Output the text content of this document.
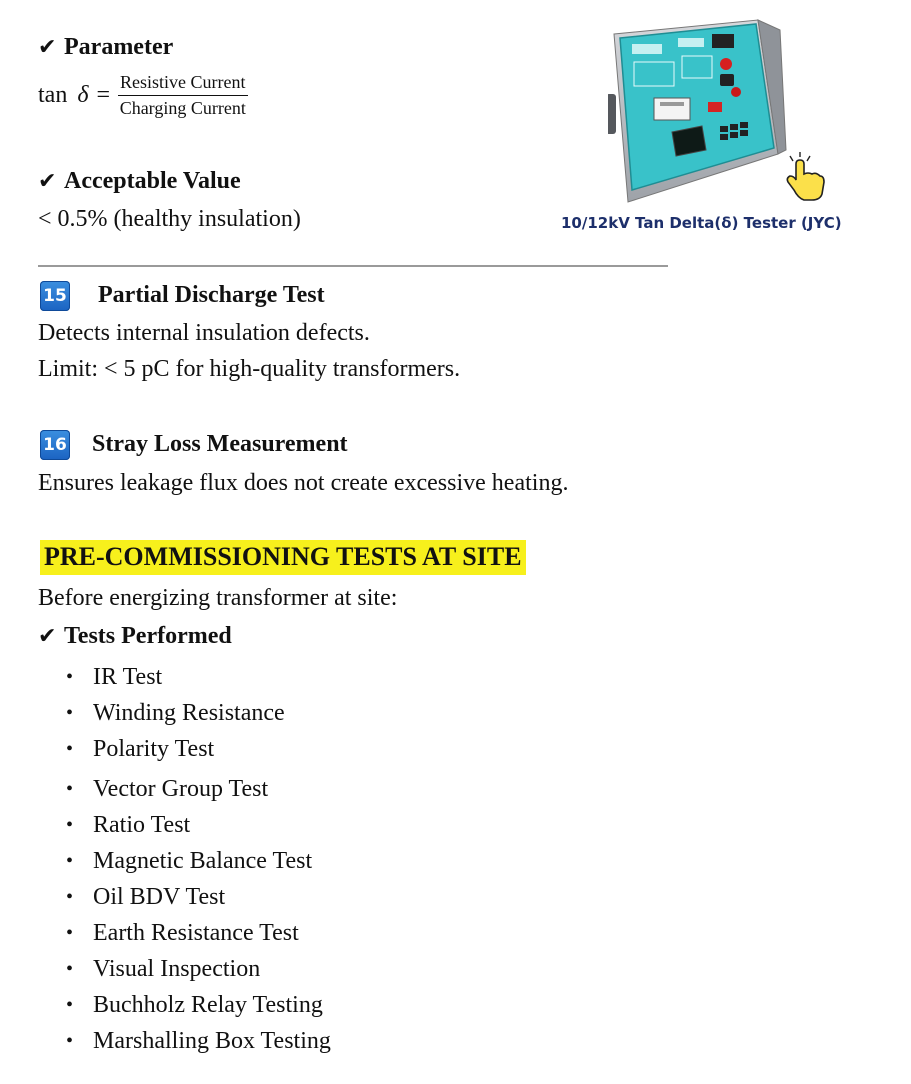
✔ Parameter
$\tan \delta = \frac{\text{Resistive Current}}{\text{Charging Current}}$
✔ Acceptable Value
< 0.5% (healthy insulation)	10/12kV Tan Delta(δ) Tester (JYC)
15 Partial Discharge Test
Detects internal insulation defects.
Limit: < 5 pC for high-quality transformers.
16 Stray Loss Measurement
Ensures leakage flux does not create excessive heating.
PRE-COMMISSIONING TESTS AT SITE
Before energizing transformer at site:
✔ Tests Performed
• IR Test
• Winding Resistance
• Polarity Test
• Vector Group Test
• Ratio Test
• Magnetic Balance Test
• Oil BDV Test
• Earth Resistance Test
• Visual Inspection
• Buchholz Relay Testing
• Marshalling Box Testing
